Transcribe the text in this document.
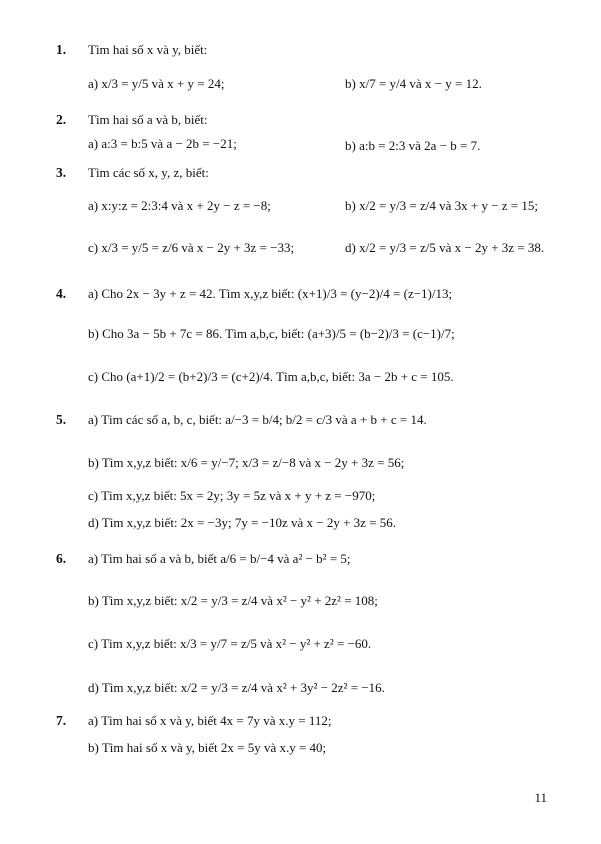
1. Tìm hai số x và y, biết:
a) x/3 = y/5 và x + y = 24;	b) x/7 = y/4 và x − y = 12.
2. Tìm hai số a và b, biết:
a) a:3 = b:5 và a − 2b = −21;	b) a:b = 2:3 và 2a − b = 7.
3. Tìm các số x, y, z, biết:
a) x:y:z = 2:3:4 và x + 2y − z = −8;	b) x/2 = y/3 = z/4 và 3x + y − z = 15;
c) x/3 = y/5 = z/6 và x − 2y + 3z = −33;	d) x/2 = y/3 = z/5 và x − 2y + 3z = 38.
4. a) Cho 2x − 3y + z = 42. Tìm x,y,z biết: (x+1)/3 = (y−2)/4 = (z−1)/13;
b) Cho 3a − 5b + 7c = 86. Tìm a,b,c, biết: (a+3)/5 = (b−2)/3 = (c−1)/7;
c) Cho (a+1)/2 = (b+2)/3 = (c+2)/4. Tìm a,b,c, biết: 3a − 2b + c = 105.
5. a) Tìm các số a, b, c, biết: a/−3 = b/4; b/2 = c/3 và a + b + c = 14.
b) Tìm x,y,z biết: x/6 = y/−7; x/3 = z/−8 và x − 2y + 3z = 56;
c) Tìm x,y,z biết: 5x = 2y; 3y = 5z và x + y + z = −970;
d) Tìm x,y,z biết: 2x = −3y; 7y = −10z và x − 2y + 3z = 56.
6. a) Tìm hai số a và b, biết a/6 = b/−4 và a² − b² = 5;
b) Tìm x,y,z biết: x/2 = y/3 = z/4 và x² − y² + 2z² = 108;
c) Tìm x,y,z biết: x/3 = y/7 = z/5 và x² − y² + z² = −60.
d) Tìm x,y,z biết: x/2 = y/3 = z/4 và x² + 3y² − 2z² = −16.
7. a) Tìm hai số x và y, biết 4x = 7y và x.y = 112;
b) Tìm hai số x và y, biết 2x = 5y và x.y = 40;
11
